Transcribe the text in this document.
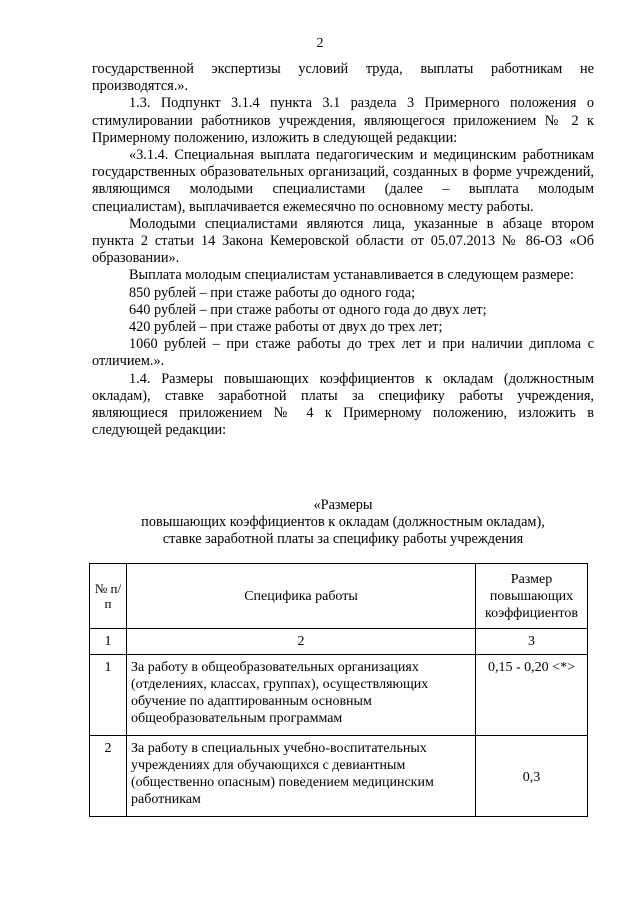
2

государственной экспертизы условий труда, выплаты работникам не производятся.».

1.3. Подпункт 3.1.4 пункта 3.1 раздела 3 Примерного положения о стимулировании работников учреждения, являющегося приложением № 2 к Примерному положению, изложить в следующей редакции:

«3.1.4. Специальная выплата педагогическим и медицинским работникам государственных образовательных организаций, созданных в форме учреждений, являющимся молодыми специалистами (далее – выплата молодым специалистам), выплачивается ежемесячно по основному месту работы.

Молодыми специалистами являются лица, указанные в абзаце втором пункта 2 статьи 14 Закона Кемеровской области от 05.07.2013 № 86-ОЗ «Об образовании».

Выплата молодым специалистам устанавливается в следующем размере:

850 рублей – при стаже работы до одного года;

640 рублей – при стаже работы от одного года до двух лет;

420 рублей – при стаже работы от двух до трех лет;

1060 рублей – при стаже работы до трех лет и при наличии диплома с отличием.».

1.4. Размеры повышающих коэффициентов к окладам (должностным окладам), ставке заработной платы за специфику работы учреждения, являющиеся приложением № 4 к Примерному положению, изложить в следующей редакции:

«Размеры
повышающих коэффициентов к окладам (должностным окладам),
ставке заработной платы за специфику работы учреждения
№ п/п	Специфика работы	Размер повышающих коэффициентов
1	2	3
1	За работу в общеобразовательных организациях (отделениях, классах, группах), осуществляющих обучение по адаптированным основным общеобразовательным программам	0,15 - 0,20 <*>
2	За работу в специальных учебно-воспитательных учреждениях для обучающихся с девиантным (общественно опасным) поведением медицинским работникам	0,3
